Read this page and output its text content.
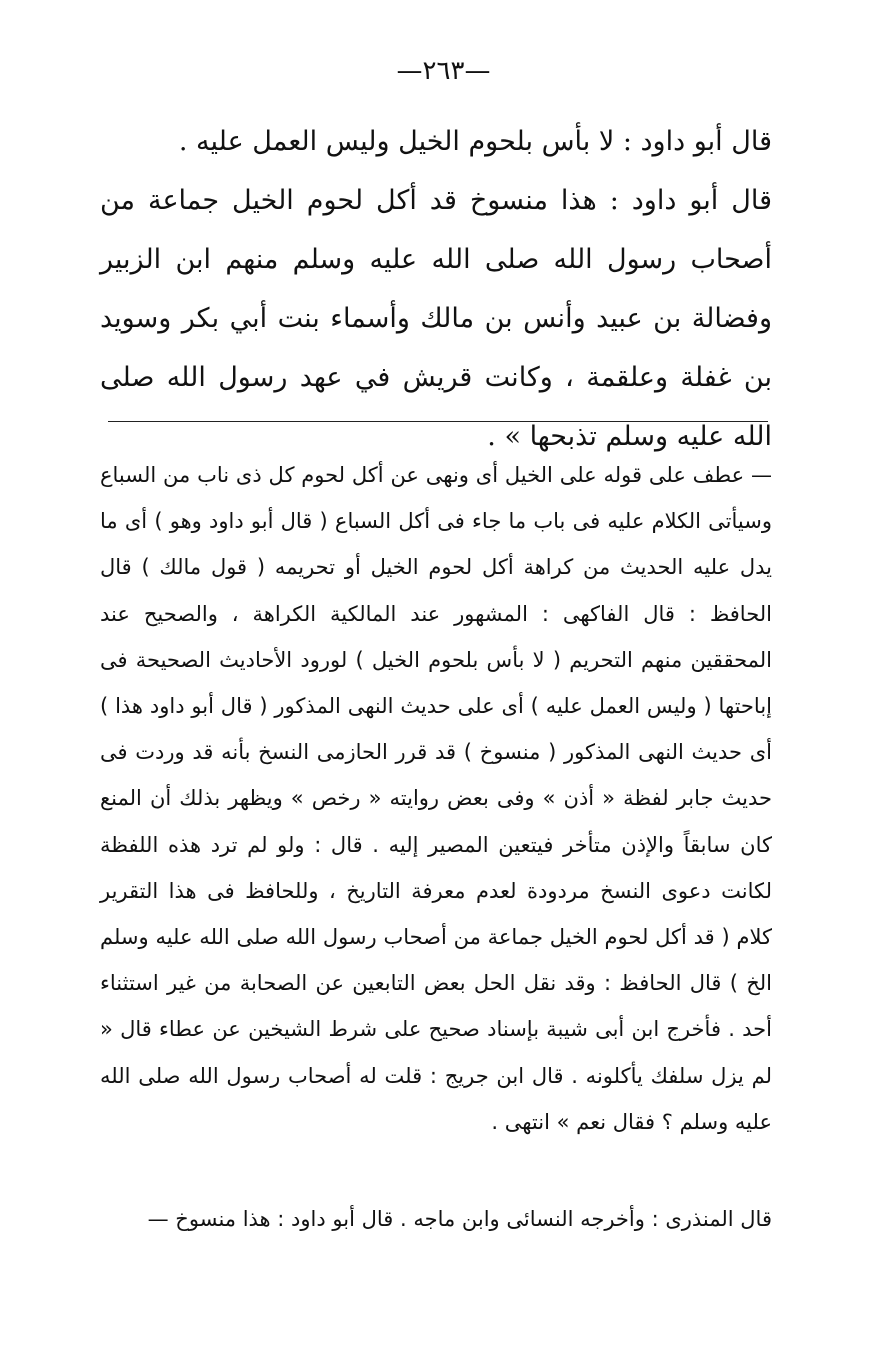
—٢٦٣—

قال أبو داود : لا بأس بلحوم الخيل وليس العمل عليه .

قال أبو داود : هذا منسوخ قد أكل لحوم الخيل جماعة من أصحاب رسول الله صلى الله عليه وسلم منهم ابن الزبير وفضالة بن عبيد وأنس بن مالك وأسماء بنت أبي بكر وسويد بن غفلة وعلقمة ، وكانت قريش في عهد رسول الله صلى الله عليه وسلم تذبحها » .

— عطف على قوله على الخيل أى ونهى عن أكل لحوم كل ذى ناب من السباع وسيأتى الكلام عليه فى باب ما جاء فى أكل السباع ( قال أبو داود وهو ) أى ما يدل عليه الحديث من كراهة أكل لحوم الخيل أو تحريمه ( قول مالك ) قال الحافظ : قال الفاكهى : المشهور عند المالكية الكراهة ، والصحيح عند المحققين منهم التحريم ( لا بأس بلحوم الخيل ) لورود الأحاديث الصحيحة فى إباحتها ( وليس العمل عليه ) أى على حديث النهى المذكور ( قال أبو داود هذا ) أى حديث النهى المذكور ( منسوخ ) قد قرر الحازمى النسخ بأنه قد وردت فى حديث جابر لفظة « أذن » وفى بعض روايته « رخص » ويظهر بذلك أن المنع كان سابقاً والإذن متأخر فيتعين المصير إليه . قال : ولو لم ترد هذه اللفظة لكانت دعوى النسخ مردودة لعدم معرفة التاريخ ، وللحافظ فى هذا التقرير كلام ( قد أكل لحوم الخيل جماعة من أصحاب رسول الله صلى الله عليه وسلم الخ ) قال الحافظ : وقد نقل الحل بعض التابعين عن الصحابة من غير استثناء أحد . فأخرج ابن أبى شيبة بإسناد صحيح على شرط الشيخين عن عطاء قال « لم يزل سلفك يأكلونه . قال ابن جريج : قلت له أصحاب رسول الله صلى الله عليه وسلم ؟ فقال نعم » انتهى .

قال المنذرى : وأخرجه النسائى وابن ماجه . قال أبو داود : هذا منسوخ —
